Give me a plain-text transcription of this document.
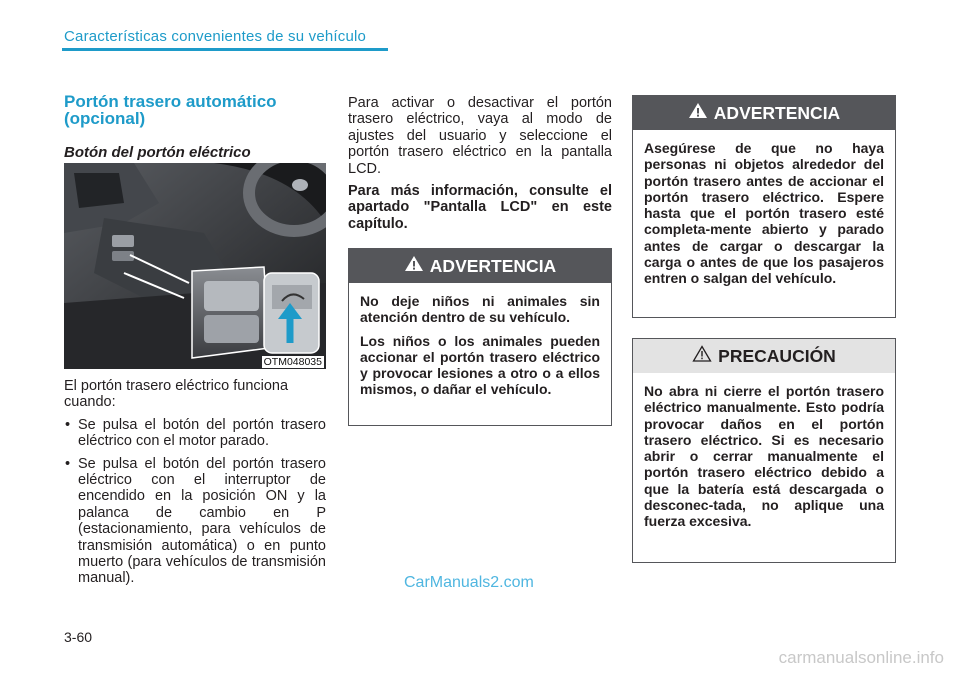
Características convenientes de su vehículo
Portón trasero automático (opcional)
Botón del portón eléctrico
OTM048035

El portón trasero eléctrico funciona cuando:

• Se pulsa el botón del portón trasero eléctrico con el motor parado.
• Se pulsa el botón del portón trasero eléctrico con el interruptor de encendido en la posición ON y la palanca de cambio en P (estacionamiento, para vehículos de transmisión automática) o en punto muerto (para vehículos de transmisión manual).

Para activar o desactivar el portón trasero eléctrico, vaya al modo de ajustes del usuario y seleccione el portón trasero eléctrico en la pantalla LCD.

Para más información, consulte el apartado "Pantalla LCD" en este capítulo.

ADVERTENCIA

No deje niños ni animales sin atención dentro de su vehículo.

Los niños o los animales pueden accionar el portón trasero eléctrico y provocar lesiones a otro o a ellos mismos, o dañar el vehículo.

ADVERTENCIA

Asegúrese de que no haya personas ni objetos alrededor del portón trasero antes de accionar el portón trasero eléctrico. Espere hasta que el portón trasero esté completa-mente abierto y parado antes de cargar o descargar la carga o antes de que los pasajeros entren o salgan del vehículo.

PRECAUCIÓN

No abra ni cierre el portón trasero eléctrico manualmente. Esto podría provocar daños en el portón trasero eléctrico. Si es necesario abrir o cerrar manualmente el portón trasero eléctrico debido a que la batería está descargada o desconec-tada, no aplique una fuerza excesiva.

3-60
CarManuals2.com
carmanualsonline.info
